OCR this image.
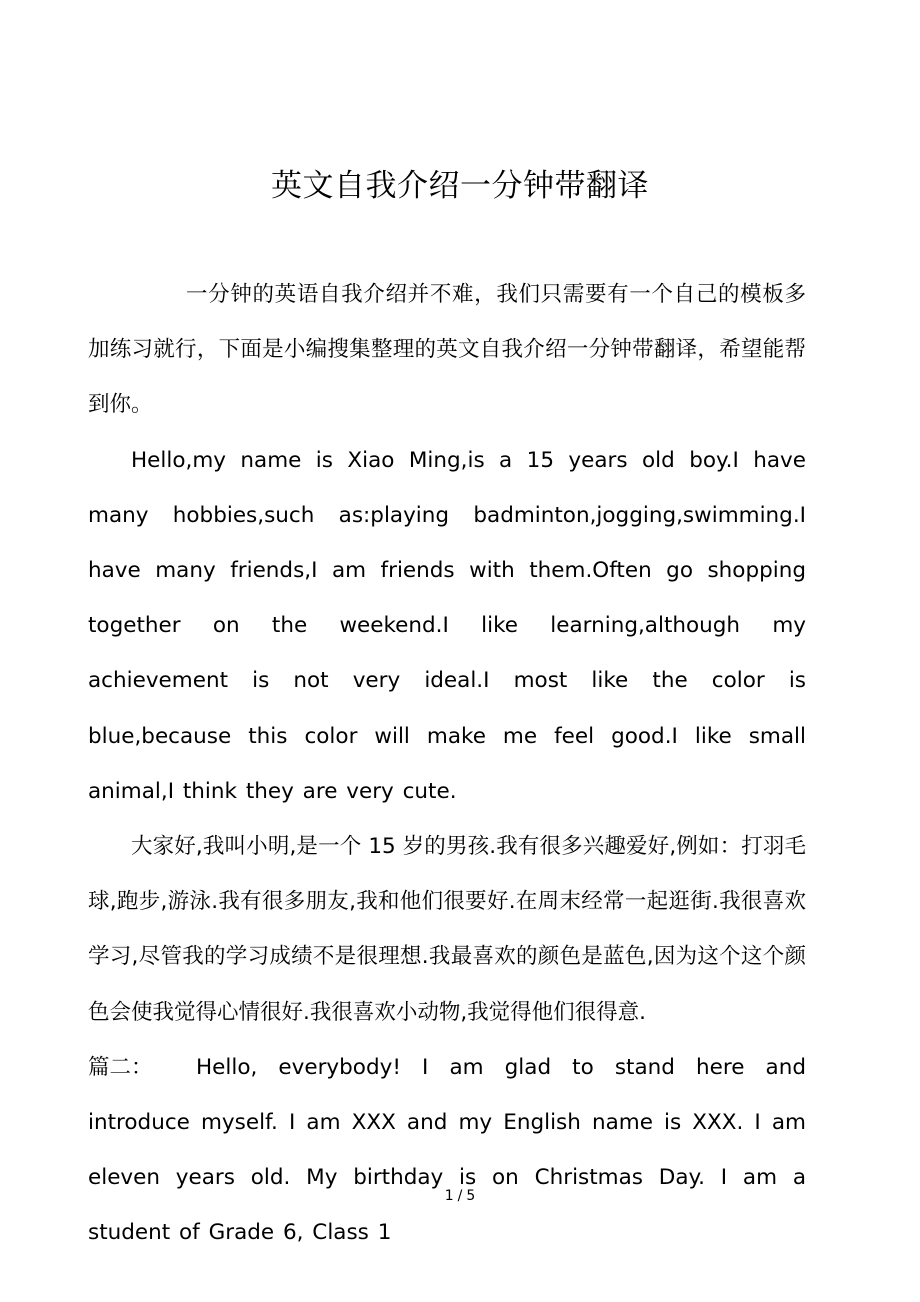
英文自我介绍一分钟带翻译

一分钟的英语自我介绍并不难，我们只需要有一个自己的模板多加练习就行，下面是小编搜集整理的英文自我介绍一分钟带翻译，希望能帮到你。

Hello,my name is Xiao Ming,is a 15 years old boy.I have many hobbies,such as:playing badminton,jogging,swimming.I have many friends,I am friends with them.Often go shopping together on the weekend.I like learning,although my achievement is not very ideal.I most like the color is blue,because this color will make me feel good.I like small animal,I think they are very cute.

大家好,我叫小明,是一个 15 岁的男孩.我有很多兴趣爱好,例如：打羽毛球,跑步,游泳.我有很多朋友,我和他们很要好.在周末经常一起逛街.我很喜欢学习,尽管我的学习成绩不是很理想.我最喜欢的颜色是蓝色,因为这个这个颜色会使我觉得心情很好.我很喜欢小动物,我觉得他们很得意.

篇二： Hello, everybody! I am glad to stand here and introduce myself. I am XXX and my English name is XXX. I am eleven years old. My birthday is on Christmas Day. I am a student of Grade 6, Class 1

1 / 5
